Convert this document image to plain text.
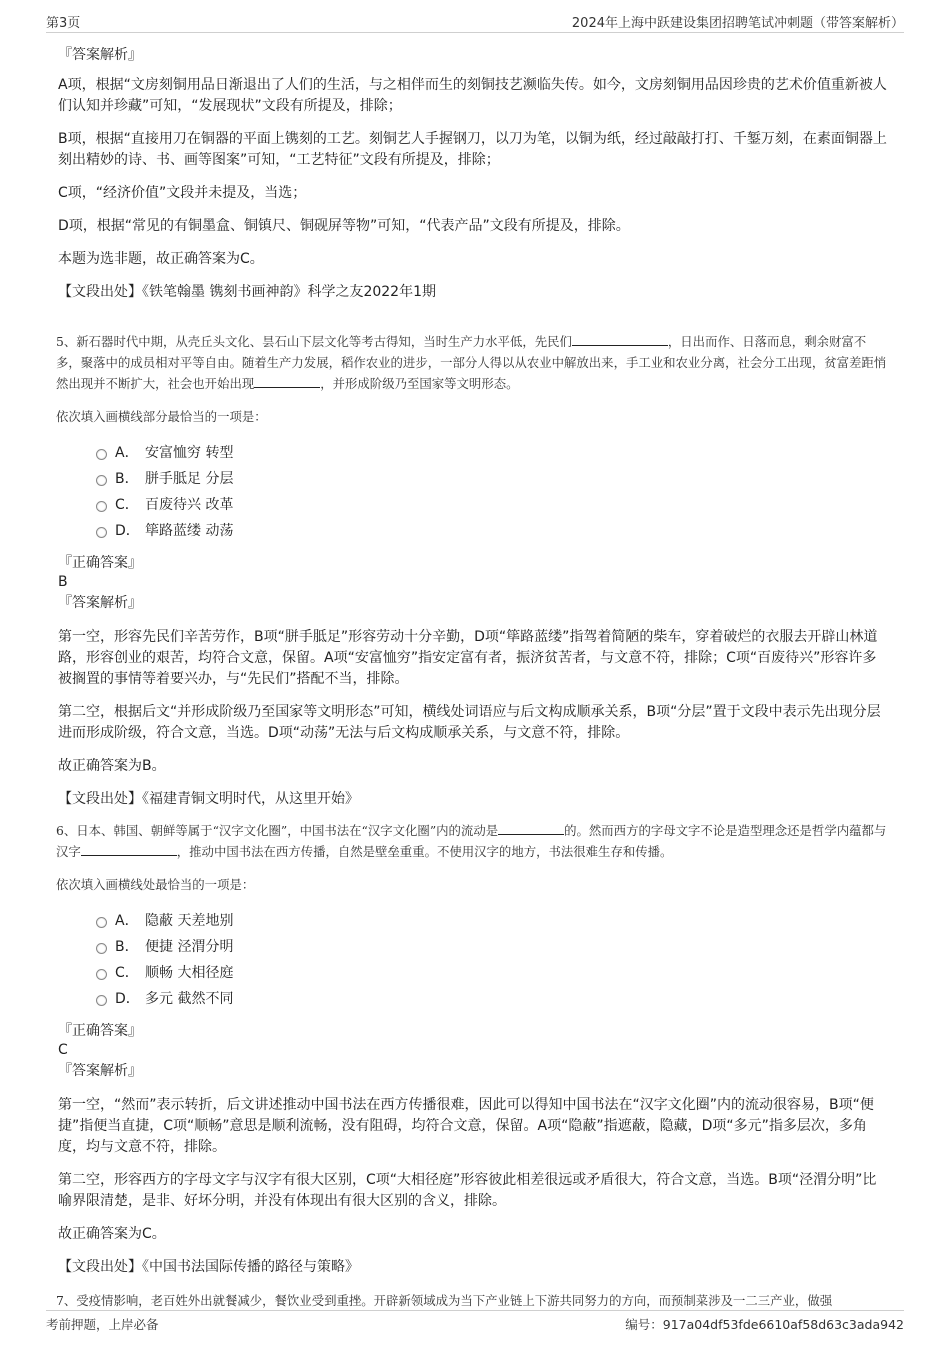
第3页	2024年上海中跃建设集团招聘笔试冲刺题（带答案解析）

『答案解析』

A项，根据“文房刻铜用品日渐退出了人们的生活，与之相伴而生的刻铜技艺濒临失传。如今，文房刻铜用品因珍贵的艺术价值重新被人们认知并珍藏”可知，“发展现状”文段有所提及，排除；

B项，根据“直接用刀在铜器的平面上镌刻的工艺。刻铜艺人手握钢刀，以刀为笔，以铜为纸，经过敲敲打打、千錾万刻，在素面铜器上刻出精妙的诗、书、画等图案”可知，“工艺特征”文段有所提及，排除；

C项，“经济价值”文段并未提及，当选；

D项，根据“常见的有铜墨盒、铜镇尺、铜砚屏等物”可知，“代表产品”文段有所提及，排除。

本题为选非题，故正确答案为C。

【文段出处】《铁笔翰墨 镌刻书画神韵》科学之友2022年1期

5、新石器时代中期，从壳丘头文化、昙石山下层文化等考古得知，当时生产力水平低，先民们	，日出而作、日落而息，剩余财富不多，聚落中的成员相对平等自由。随着生产力发展，稻作农业的进步，一部分人得以从农业中解放出来，手工业和农业分离，社会分工出现，贫富差距悄然出现并不断扩大，社会也开始出现	，并形成阶级乃至国家等文明形态。

依次填入画横线部分最恰当的一项是：

A． 安富恤穷 转型
B． 胼手胝足 分层
C． 百废待兴 改革
D． 筚路蓝缕 动荡

『正确答案』

B

『答案解析』

第一空，形容先民们辛苦劳作，B项“胼手胝足”形容劳动十分辛勤，D项“筚路蓝缕”指驾着简陋的柴车，穿着破烂的衣服去开辟山林道路，形容创业的艰苦，均符合文意，保留。A项“安富恤穷”指安定富有者，振济贫苦者，与文意不符，排除；C项“百废待兴”形容许多被搁置的事情等着要兴办，与“先民们”搭配不当，排除。

第二空，根据后文“并形成阶级乃至国家等文明形态”可知，横线处词语应与后文构成顺承关系，B项“分层”置于文段中表示先出现分层进而形成阶级，符合文意，当选。D项“动荡”无法与后文构成顺承关系，与文意不符，排除。

故正确答案为B。

【文段出处】《福建青铜文明时代，从这里开始》

6、日本、韩国、朝鲜等属于“汉字文化圈”，中国书法在“汉字文化圈”内的流动是	的。然而西方的字母文字不论是造型理念还是哲学内蕴都与汉字	，推动中国书法在西方传播，自然是壁垒重重。不使用汉字的地方，书法很难生存和传播。

依次填入画横线处最恰当的一项是：

A． 隐蔽 天差地别
B． 便捷 泾渭分明
C． 顺畅 大相径庭
D． 多元 截然不同

『正确答案』

C

『答案解析』

第一空，“然而”表示转折，后文讲述推动中国书法在西方传播很难，因此可以得知中国书法在“汉字文化圈”内的流动很容易，B项“便捷”指便当直捷，C项“顺畅”意思是顺利流畅，没有阻碍，均符合文意，保留。A项“隐蔽”指遮蔽，隐藏，D项“多元”指多层次，多角度，均与文意不符，排除。

第二空，形容西方的字母文字与汉字有很大区别，C项“大相径庭”形容彼此相差很远或矛盾很大，符合文意，当选。B项“泾渭分明”比喻界限清楚，是非、好坏分明，并没有体现出有很大区别的含义，排除。

故正确答案为C。

【文段出处】《中国书法国际传播的路径与策略》

7、受疫情影响，老百姓外出就餐减少，餐饮业受到重挫。开辟新领域成为当下产业链上下游共同努力的方向，而预制菜涉及一二三产业，做强

考前押题，上岸必备	编号：917a04df53fde6610af58d63c3ada942
